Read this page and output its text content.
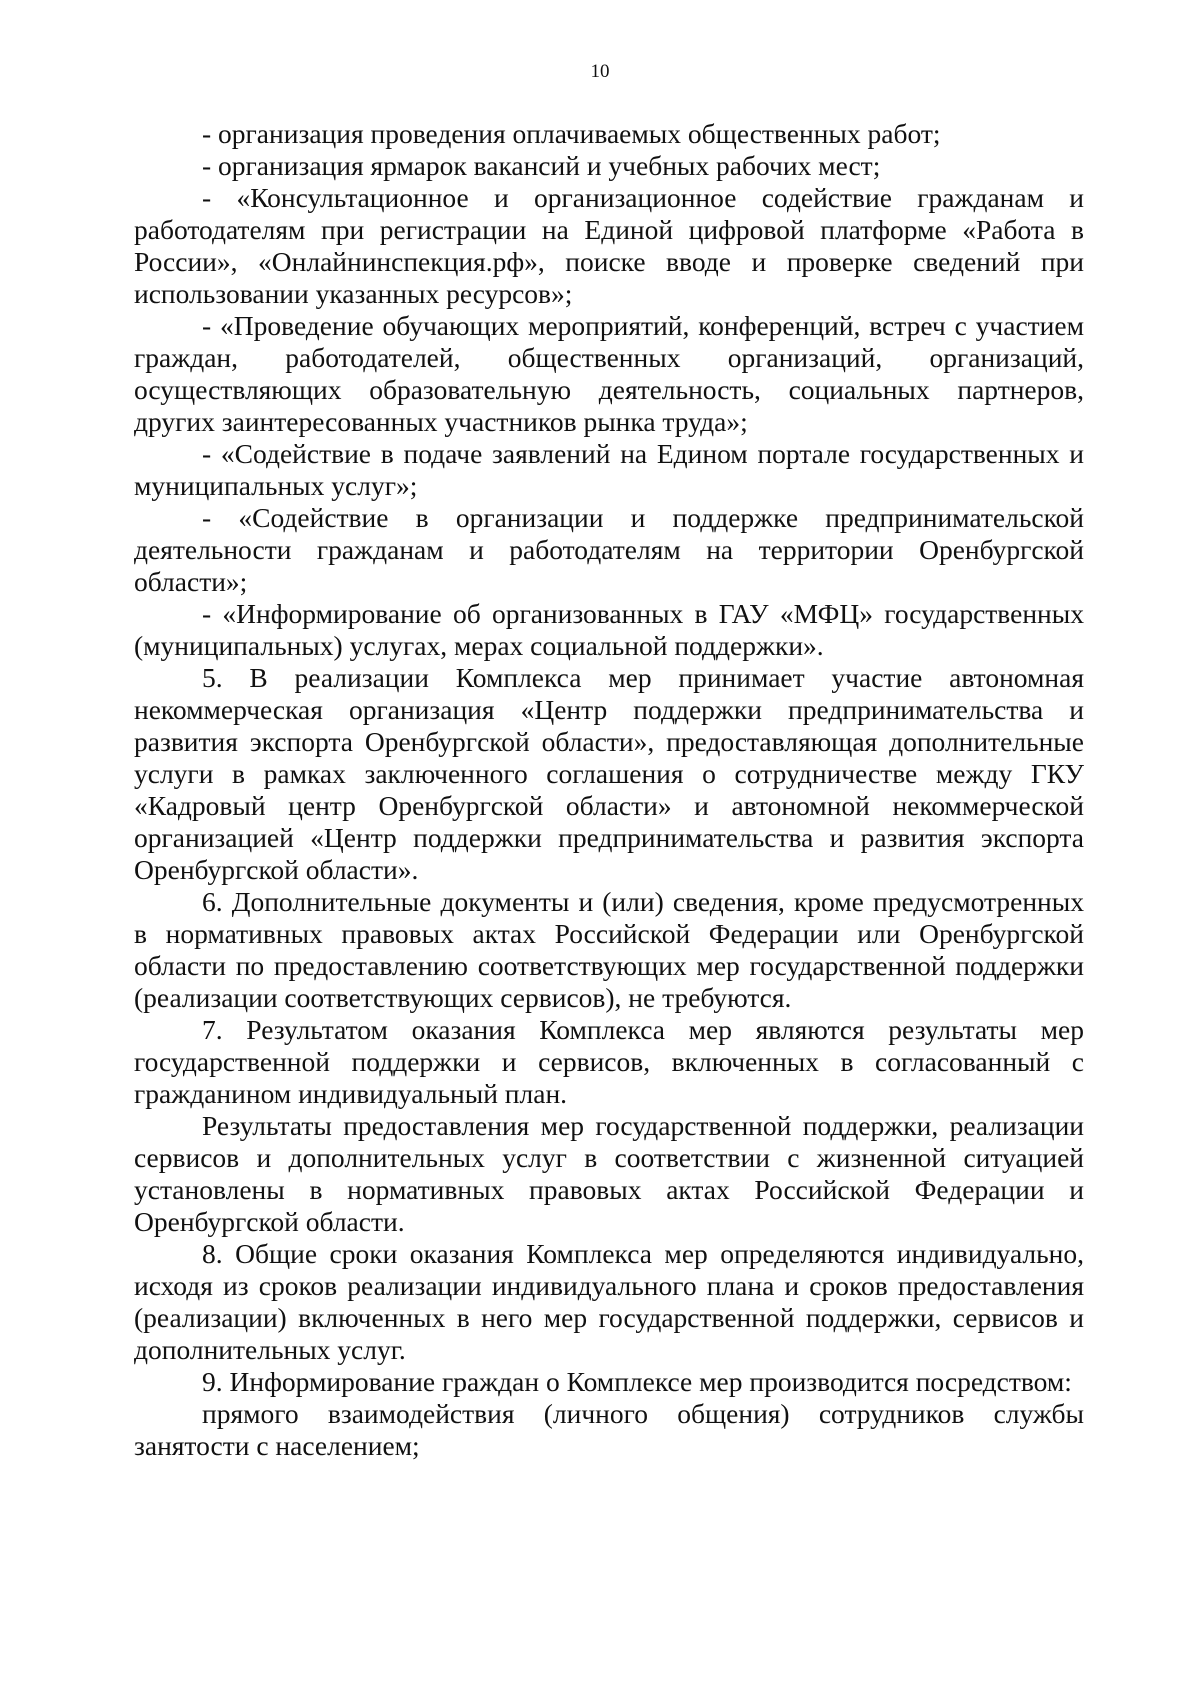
10

- организация проведения оплачиваемых общественных работ;

- организация ярмарок вакансий и учебных рабочих мест;

- «Консультационное и организационное содействие гражданам и работодателям при регистрации на Единой цифровой платформе «Работа в России», «Онлайнинспекция.рф», поиске вводе и проверке сведений при использовании указанных ресурсов»;

- «Проведение обучающих мероприятий, конференций, встреч с участием граждан, работодателей, общественных организаций, организаций, осуществляющих образовательную деятельность, социальных партнеров, других заинтересованных участников рынка труда»;

- «Содействие в подаче заявлений на Едином портале государственных и муниципальных услуг»;

- «Содействие в организации и поддержке предпринимательской деятельности гражданам и работодателям на территории Оренбургской области»;

- «Информирование об организованных в ГАУ «МФЦ» государственных (муниципальных) услугах, мерах социальной поддержки».

5. В реализации Комплекса мер принимает участие автономная некоммерческая организация «Центр поддержки предпринимательства и развития экспорта Оренбургской области», предоставляющая дополнительные услуги в рамках заключенного соглашения о сотрудничестве между ГКУ «Кадровый центр Оренбургской области» и автономной некоммерческой организацией «Центр поддержки предпринимательства и развития экспорта Оренбургской области».

6. Дополнительные документы и (или) сведения, кроме предусмотренных в нормативных правовых актах Российской Федерации или Оренбургской области по предоставлению соответствующих мер государственной поддержки (реализации соответствующих сервисов), не требуются.

7. Результатом оказания Комплекса мер являются результаты мер государственной поддержки и сервисов, включенных в согласованный с гражданином индивидуальный план.

Результаты предоставления мер государственной поддержки, реализации сервисов и дополнительных услуг в соответствии с жизненной ситуацией установлены в нормативных правовых актах Российской Федерации и Оренбургской области.

8. Общие сроки оказания Комплекса мер определяются индивидуально, исходя из сроков реализации индивидуального плана и сроков предоставления (реализации) включенных в него мер государственной поддержки, сервисов и дополнительных услуг.

9. Информирование граждан о Комплексе мер производится посредством:

прямого взаимодействия (личного общения) сотрудников службы занятости с населением;
